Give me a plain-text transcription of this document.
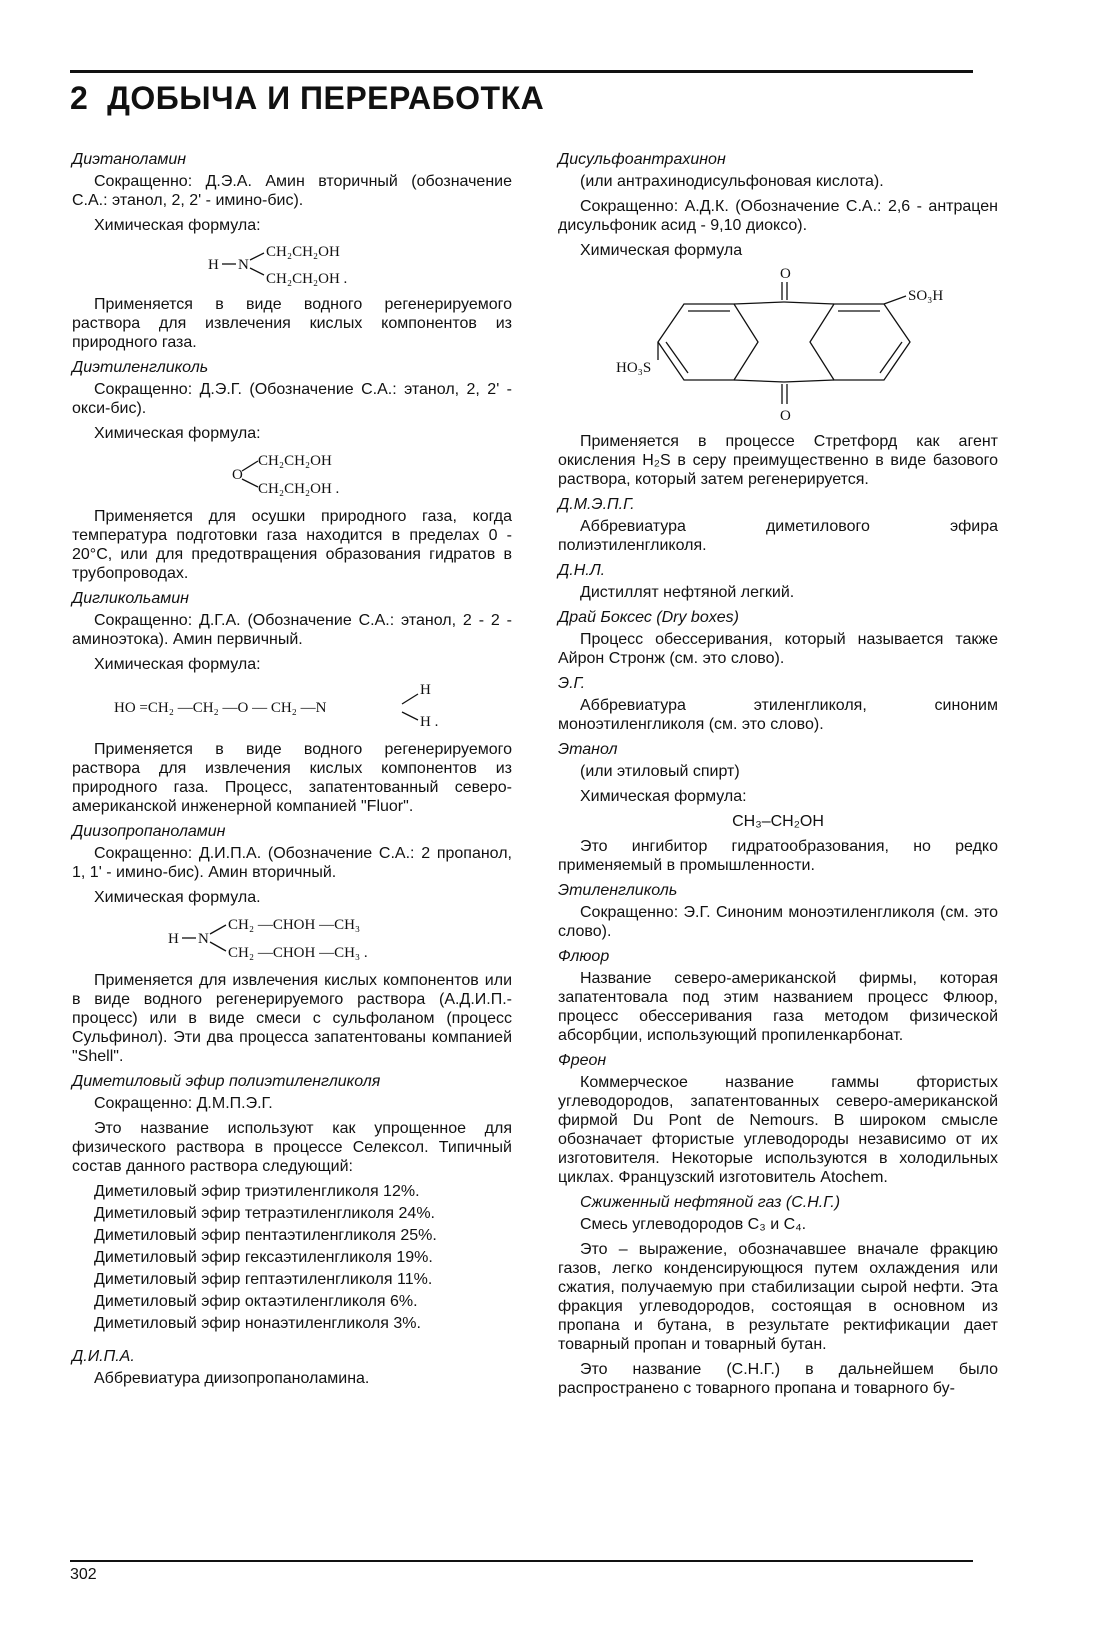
2 ДОБЫЧА И ПЕРЕРАБОТКА
Диэтаноламин
Сокращенно: Д.Э.А. Амин вторичный (обозначение С.А.: этанол, 2, 2' - имино-бис).
Химическая формула:
H N
CH₂CH₂OH
CH₂CH₂OH .
Применяется в виде водного регенерируемого раствора для извлечения кислых компонентов из природного газа.
Диэтиленгликоль
Сокращенно: Д.Э.Г. (Обозначение С.А.: этанол, 2, 2' - окси-бис).
Химическая формула:
O
CH₂CH₂OH
CH₂CH₂OH .
Применяется для осушки природного газа, когда температура подготовки газа находится в пределах 0 - 20°С, или для предотвращения образования гидратов в трубопроводах.
Дигликольамин
Сокращенно: Д.Г.А. (Обозначение С.А.: этанол, 2 - 2 - аминоэтока). Амин первичный.
Химическая формула:
HO =CH₂ —CH₂ —O — CH₂ —N
H
H .
Применяется в виде водного регенерируемого раствора для извлечения кислых компонентов из природного газа. Процесс, запатентованный северо-американской инженерной компанией "Fluor".
Диизопропаноламин
Сокращенно: Д.И.П.А. (Обозначение С.А.: 2 пропанол, 1, 1' - имино-бис). Амин вторичный.
Химическая формула.
H N
CH₂ —CHOH —CH₃
CH₂ —CHOH —CH₃ .
Применяется для извлечения кислых компонентов или в виде водного регенерируемого раствора (А.Д.И.П.-процесс) или в виде смеси с сульфоланом (процесс Сульфинол). Эти два процесса запатентованы компанией "Shell".
Диметиловый эфир полиэтиленгликоля
Сокращенно: Д.М.П.Э.Г.
Это название используют как упрощенное для физического раствора в процессе Селексол. Типичный состав данного раствора следующий:
Диметиловый эфир триэтиленгликоля 12%.
Диметиловый эфир тетраэтиленгликоля 24%.
Диметиловый эфир пентаэтиленгликоля 25%.
Диметиловый эфир гексаэтиленгликоля 19%.
Диметиловый эфир гептаэтиленгликоля 11%.
Диметиловый эфир октаэтиленгликоля 6%.
Диметиловый эфир нонаэтиленгликоля 3%.
Д.И.П.А.
Аббревиатура диизопропаноламина.
Дисульфоантрахинон
(или антрахинодисульфоновая кислота).
Сокращенно: А.Д.К. (Обозначение С.А.: 2,6 - антрацен дисульфоник асид - 9,10 диоксо).
Химическая формула
O
SO₃H
HO₃S
O
Применяется в процессе Стретфорд как агент окисления H₂S в серу преимущественно в виде базового раствора, который затем регенерируется.
Д.М.Э.П.Г.
Аббревиатура диметилового эфира полиэтиленгликоля.
Д.Н.Л.
Дистиллят нефтяной легкий.
Драй Боксес (Dry boxes)
Процесс обессеривания, который называется также Айрон Стронж (см. это слово).
Э.Г.
Аббревиатура этиленгликоля, синоним моноэтиленгликоля (см. это слово).
Этанол
(или этиловый спирт)
Химическая формула:
CH₃–CH₂OH
Это ингибитор гидратообразования, но редко применяемый в промышленности.
Этиленгликоль
Сокращенно: Э.Г. Синоним моноэтиленгликоля (см. это слово).
Флюор
Название северо-американской фирмы, которая запатентовала под этим названием процесс Флюор, процесс обессеривания газа методом физической абсорбции, использующий пропиленкарбонат.
Фреон
Коммерческое название гаммы фтористых углеводородов, запатентованных северо-американской фирмой Du Pont de Nemours. В широком смысле обозначает фтористые углеводороды независимо от их изготовителя. Некоторые используются в холодильных циклах. Французский изготовитель Atochem.
Сжиженный нефтяной газ (С.Н.Г.)
Смесь углеводородов C₃ и C₄.
Это – выражение, обозначавшее вначале фракцию газов, легко конденсирующюся путем охлаждения или сжатия, получаемую при стабилизации сырой нефти. Эта фракция углеводородов, состоящая в основном из пропана и бутана, в результате ректификации дает товарный пропан и товарный бутан.
Это название (С.Н.Г.) в дальнейшем было распространено с товарного пропана и товарного бу-
302
